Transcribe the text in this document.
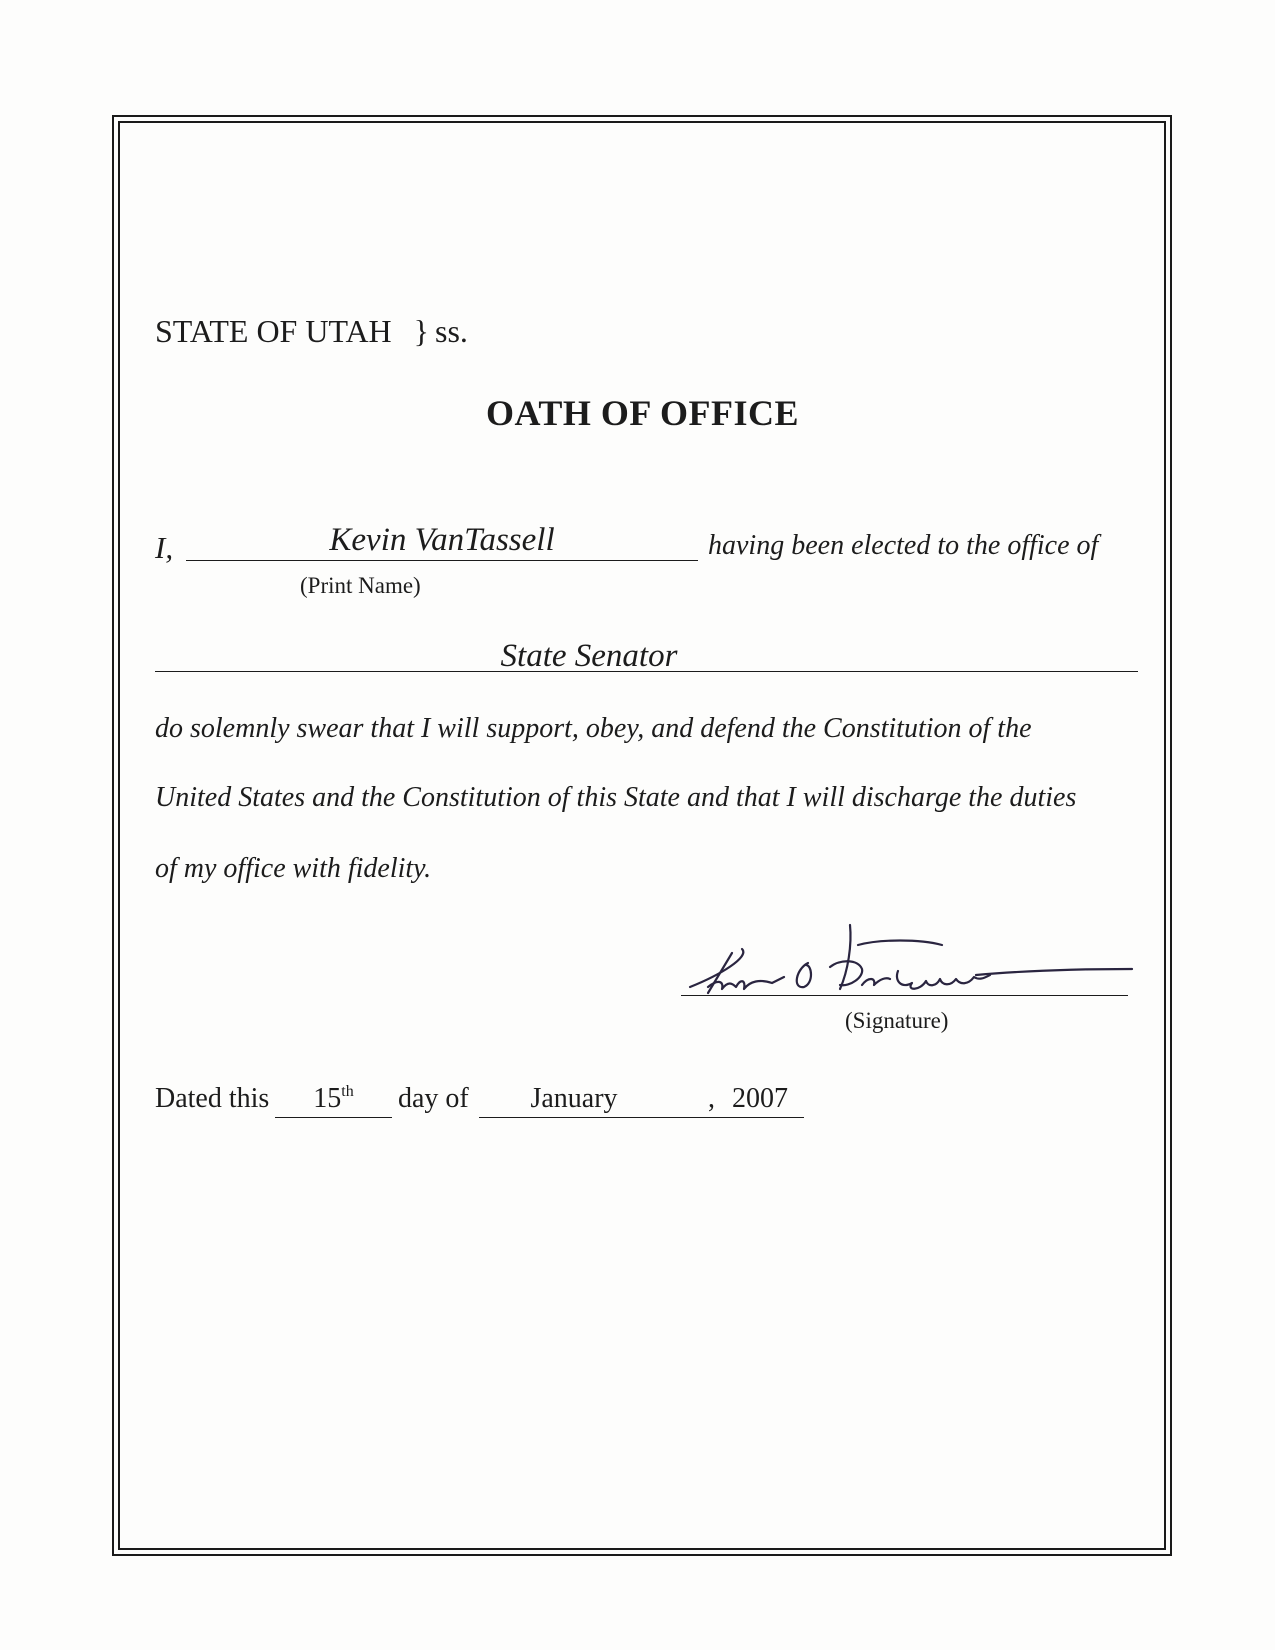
STATE OF UTAH } ss.
OATH OF OFFICE
I,	Kevin VanTassell	having been elected to the office of
(Print Name)
State Senator
do solemnly swear that I will support, obey, and defend the Constitution of the
United States and the Constitution of this State and that I will discharge the duties
of my office with fidelity.
(Signature)
Dated this	15th	day of	January	, 2007
